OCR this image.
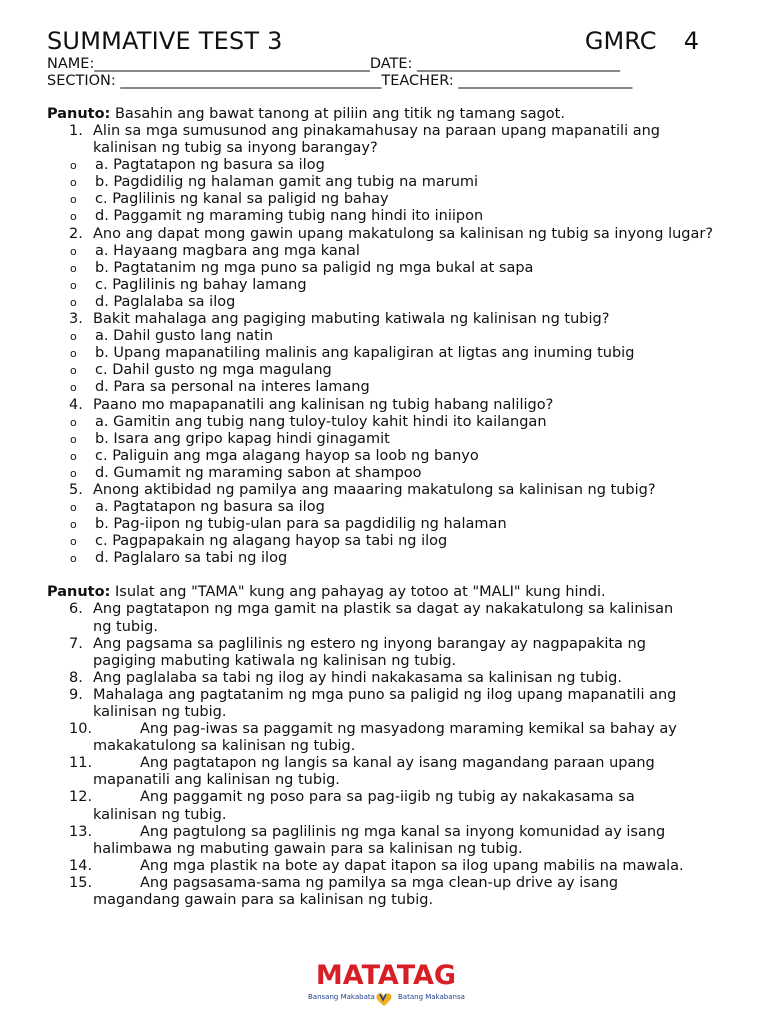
SUMMATIVE TEST 3	GMRC  4
NAME:______________________________________DATE: ____________________________
SECTION: ____________________________________TEACHER: ________________________
Panuto: Basahin ang bawat tanong at piliin ang titik ng tamang sagot.
1. Alin sa mga sumusunod ang pinakamahusay na paraan upang mapanatili ang kalinisan ng tubig sa inyong barangay?
o a. Pagtatapon ng basura sa ilog
o b. Pagdidilig ng halaman gamit ang tubig na marumi
o c. Paglilinis ng kanal sa paligid ng bahay
o d. Paggamit ng maraming tubig nang hindi ito iniipon
2. Ano ang dapat mong gawin upang makatulong sa kalinisan ng tubig sa inyong lugar?
o a. Hayaang magbara ang mga kanal
o b. Pagtatanim ng mga puno sa paligid ng mga bukal at sapa
o c. Paglilinis ng bahay lamang
o d. Paglalaba sa ilog
3. Bakit mahalaga ang pagiging mabuting katiwala ng kalinisan ng tubig?
o a. Dahil gusto lang natin
o b. Upang mapanatiling malinis ang kapaligiran at ligtas ang inuming tubig
o c. Dahil gusto ng mga magulang
o d. Para sa personal na interes lamang
4. Paano mo mapapanatili ang kalinisan ng tubig habang naliligo?
o a. Gamitin ang tubig nang tuloy-tuloy kahit hindi ito kailangan
o b. Isara ang gripo kapag hindi ginagamit
o c. Paliguin ang mga alagang hayop sa loob ng banyo
o d. Gumamit ng maraming sabon at shampoo
5. Anong aktibidad ng pamilya ang maaaring makatulong sa kalinisan ng tubig?
o a. Pagtatapon ng basura sa ilog
o b. Pag-iipon ng tubig-ulan para sa pagdidilig ng halaman
o c. Pagpapakain ng alagang hayop sa tabi ng ilog
o d. Paglalaro sa tabi ng ilog
Panuto: Isulat ang "TAMA" kung ang pahayag ay totoo at "MALI" kung hindi.
6. Ang pagtatapon ng mga gamit na plastik sa dagat ay nakakatulong sa kalinisan
ng tubig.
7. Ang pagsama sa paglilinis ng estero ng inyong barangay ay nagpapakita ng
pagiging mabuting katiwala ng kalinisan ng tubig.
8. Ang paglalaba sa tabi ng ilog ay hindi nakakasama sa kalinisan ng tubig.
9. Mahalaga ang pagtatanim ng mga puno sa paligid ng ilog upang mapanatili ang
kalinisan ng tubig.
10.	Ang pag-iwas sa paggamit ng masyadong maraming kemikal sa bahay ay
makakatulong sa kalinisan ng tubig.
11.	Ang pagtatapon ng langis sa kanal ay isang magandang paraan upang
mapanatili ang kalinisan ng tubig.
12.	Ang paggamit ng poso para sa pag-iigib ng tubig ay nakakasama sa
kalinisan ng tubig.
13.	Ang pagtulong sa paglilinis ng mga kanal sa inyong komunidad ay isang
halimbawa ng mabuting gawain para sa kalinisan ng tubig.
14.	Ang mga plastik na bote ay dapat itapon sa ilog upang mabilis na mawala.
15.	Ang pagsasama-sama ng pamilya sa mga clean-up drive ay isang
magandang gawain para sa kalinisan ng tubig.
MATATAG
Bansang Makabata	Batang Makabansa
